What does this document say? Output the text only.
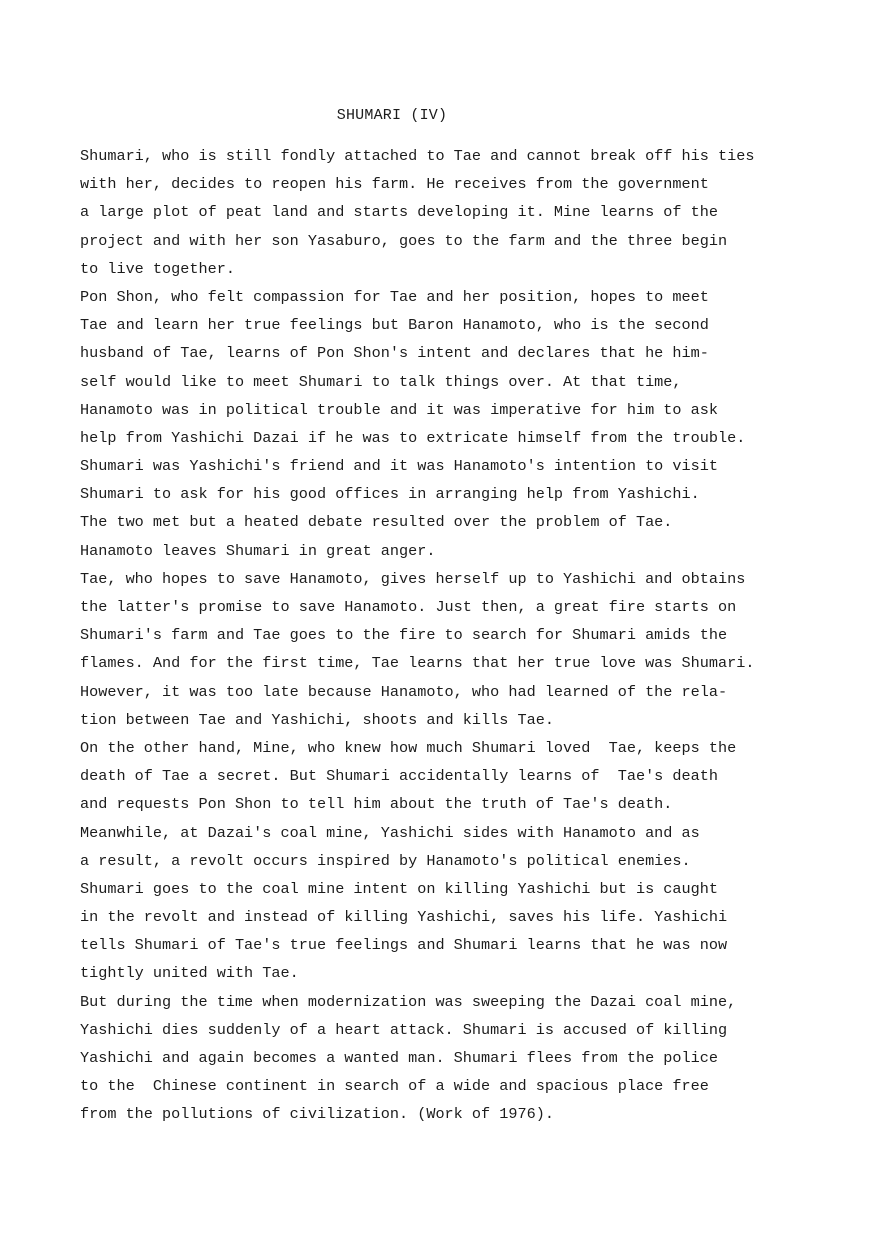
SHUMARI (IV)
Shumari, who is still fondly attached to Tae and cannot break off his ties
with her, decides to reopen his farm. He receives from the government
a large plot of peat land and starts developing it. Mine learns of the
project and with her son Yasaburo, goes to the farm and the three begin
to live together.
Pon Shon, who felt compassion for Tae and her position, hopes to meet
Tae and learn her true feelings but Baron Hanamoto, who is the second
husband of Tae, learns of Pon Shon's intent and declares that he him-
self would like to meet Shumari to talk things over. At that time,
Hanamoto was in political trouble and it was imperative for him to ask
help from Yashichi Dazai if he was to extricate himself from the trouble.
Shumari was Yashichi's friend and it was Hanamoto's intention to visit
Shumari to ask for his good offices in arranging help from Yashichi.
The two met but a heated debate resulted over the problem of Tae.
Hanamoto leaves Shumari in great anger.
Tae, who hopes to save Hanamoto, gives herself up to Yashichi and obtains
the latter's promise to save Hanamoto. Just then, a great fire starts on
Shumari's farm and Tae goes to the fire to search for Shumari amids the
flames. And for the first time, Tae learns that her true love was Shumari.
However, it was too late because Hanamoto, who had learned of the rela-
tion between Tae and Yashichi, shoots and kills Tae.
On the other hand, Mine, who knew how much Shumari loved  Tae, keeps the
death of Tae a secret. But Shumari accidentally learns of  Tae's death
and requests Pon Shon to tell him about the truth of Tae's death.
Meanwhile, at Dazai's coal mine, Yashichi sides with Hanamoto and as
a result, a revolt occurs inspired by Hanamoto's political enemies.
Shumari goes to the coal mine intent on killing Yashichi but is caught
in the revolt and instead of killing Yashichi, saves his life. Yashichi
tells Shumari of Tae's true feelings and Shumari learns that he was now
tightly united with Tae.
But during the time when modernization was sweeping the Dazai coal mine,
Yashichi dies suddenly of a heart attack. Shumari is accused of killing
Yashichi and again becomes a wanted man. Shumari flees from the police
to the  Chinese continent in search of a wide and spacious place free
from the pollutions of civilization. (Work of 1976).
